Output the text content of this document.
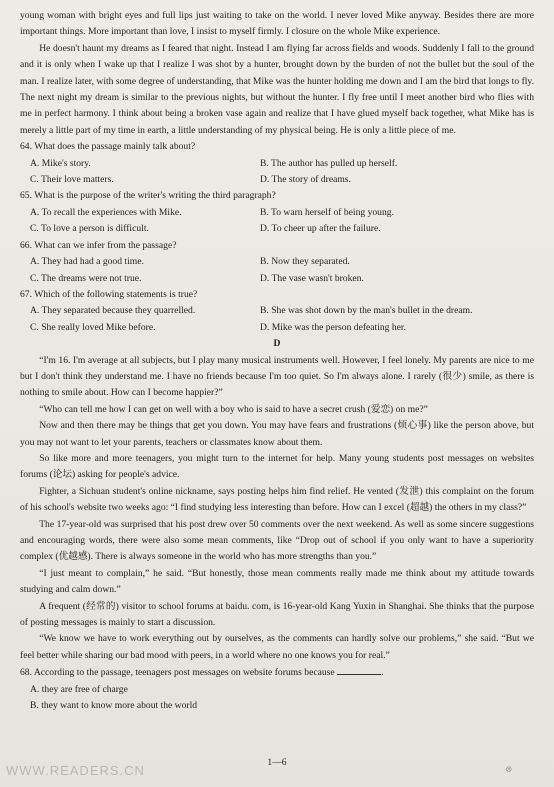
young woman with bright eyes and full lips just waiting to take on the world. I never loved Mike anyway. Besides there are more important things. More important than love, I insist to myself firmly. I closure on the whole Mike experience.

He doesn't haunt my dreams as I feared that night. Instead I am flying far across fields and woods. Suddenly I fall to the ground and it is only when I wake up that I realize I was shot by a hunter, brought down by the burden of not the bullet but the soul of the man. I realize later, with some degree of understanding, that Mike was the hunter holding me down and I am the bird that longs to fly. The next night my dream is similar to the previous nights, but without the hunter. I fly free until I meet another bird who flies with me in perfect harmony. I think about being a broken vase again and realize that I have glued myself back together, what Mike has is merely a little part of my time in earth, a little understanding of my physical being. He is only a little piece of me.

64. What does the passage mainly talk about?

A. Mike's story.	B. The author has pulled up herself.
C. Their love matters.	D. The story of dreams.

65. What is the purpose of the writer's writing the third paragraph?

A. To recall the experiences with Mike.	B. To warn herself of being young.
C. To love a person is difficult.	D. To cheer up after the failure.

66. What can we infer from the passage?

A. They had had a good time.	B. Now they separated.
C. The dreams were not true.	D. The vase wasn't broken.

67. Which of the following statements is true?

A. They separated because they quarrelled.	B. She was shot down by the man's bullet in the dream.
C. She really loved Mike before.	D. Mike was the person defeating her.

D

“I'm 16. I'm average at all subjects, but I play many musical instruments well. However, I feel lonely. My parents are nice to me but I don't think they understand me. I have no friends because I'm too quiet. So I'm always alone. I rarely (很少) smile, as there is nothing to smile about. How can I become happier?”

“Who can tell me how I can get on well with a boy who is said to have a secret crush (爱恋) on me?”

Now and then there may be things that get you down. You may have fears and frustrations (烦心事) like the person above, but you may not want to let your parents, teachers or classmates know about them.

So like more and more teenagers, you might turn to the internet for help. Many young students post messages on websites forums (论坛) asking for people's advice.

Fighter, a Sichuan student's online nickname, says posting helps him find relief. He vented (发泄) this complaint on the forum of his school's website two weeks ago: “I find studying less interesting than before. How can I excel (超越) the others in my class?”

The 17-year-old was surprised that his post drew over 50 comments over the next weekend. As well as some sincere suggestions and encouraging words, there were also some mean comments, like “Drop out of school if you only want to have a superiority complex (优越感). There is always someone in the world who has more strengths than you.”

“I just meant to complain,” he said. “But honestly, those mean comments really made me think about my attitude towards studying and calm down.”

A frequent (经常的) visitor to school forums at baidu. com, is 16-year-old Kang Yuxin in Shanghai. She thinks that the purpose of posting messages is mainly to start a discussion.

“We know we have to work everything out by ourselves, as the comments can hardly solve our problems,” she said. “But we feel better while sharing our bad mood with peers, in a world where no one knows you for real.”

68. According to the passage, teenagers post messages on website forums because	.

A. they are free of charge
B. they want to know more about the world
1—6
WWW.READERS.CN	⊗
